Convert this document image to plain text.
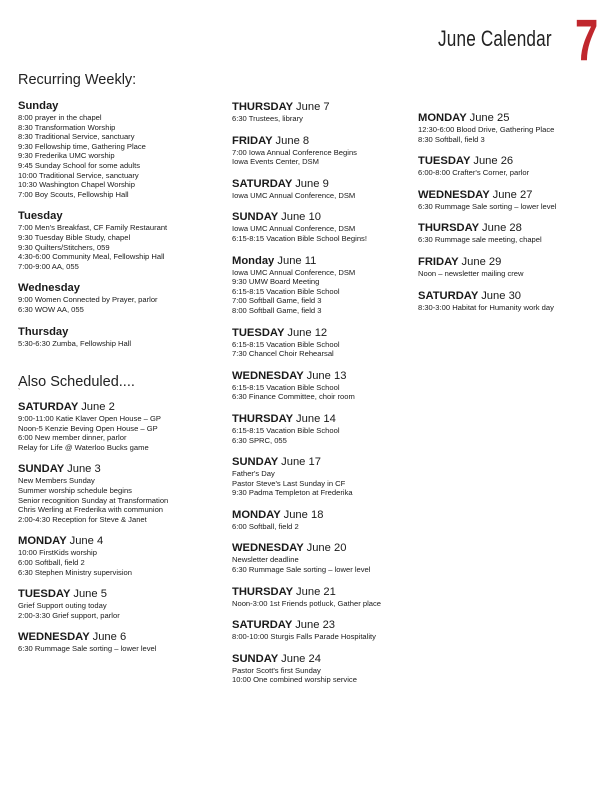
June Calendar 7
Recurring Weekly:
Sunday
8:00 prayer in the chapel
8:30 Transformation Worship
8:30 Traditional Service, sanctuary
9:30 Fellowship time, Gathering Place
9:30 Frederika UMC worship
9:45 Sunday School for some adults
10:00 Traditional Service, sanctuary
10:30 Washington Chapel Worship
7:00 Boy Scouts, Fellowship Hall
Tuesday
7:00 Men's Breakfast, CF Family Restaurant
9:30 Tuesday Bible Study, chapel
9:30 Quilters/Stitchers, 059
4:30-6:00 Community Meal, Fellowship Hall
7:00-9:00 AA, 055
Wednesday
9:00 Women Connected by Prayer, parlor
6:30 WOW AA, 055
Thursday
5:30-6:30 Zumba, Fellowship Hall
Also Scheduled....
`
SATURDAY June 2
9:00-11:00 Katie Klaver Open House – GP
Noon-5 Kenzie Beving Open House – GP
6:00 New member dinner, parlor
Relay for Life @ Waterloo Bucks game
SUNDAY June 3
New Members Sunday
Summer worship schedule begins
Senior recognition Sunday at Transformation
Chris Werling at Frederika with communion
2:00-4:30 Reception for Steve & Janet
MONDAY June 4
10:00 FirstKids worship
6:00 Softball, field 2
6:30 Stephen Ministry supervision
TUESDAY June 5
Grief Support outing today
2:00-3:30 Grief support, parlor
WEDNESDAY June 6
6:30 Rummage Sale sorting – lower level
THURSDAY June 7
6:30 Trustees, library
FRIDAY June 8
7:00 Iowa Annual Conference Begins
Iowa Events Center, DSM
SATURDAY June 9
Iowa UMC Annual Conference, DSM
SUNDAY June 10
Iowa UMC Annual Conference, DSM
6:15-8:15 Vacation Bible School Begins!
Monday June 11
Iowa UMC Annual Conference, DSM
9:30 UMW Board Meeting
6:15-8:15 Vacation Bible School
7:00 Softball Game, field 3
8:00 Softball Game, field 3
TUESDAY June 12
6:15-8:15 Vacation Bible School
7:30 Chancel Choir Rehearsal
WEDNESDAY June 13
6:15-8:15 Vacation Bible School
6:30 Finance Committee, choir room
THURSDAY June 14
6:15-8:15 Vacation Bible School
6:30 SPRC, 055
SUNDAY June 17
Father's Day
Pastor Steve's Last Sunday in CF
9:30 Padma Templeton at Frederika
MONDAY June 18
6:00 Softball, field 2
WEDNESDAY June 20
Newsletter deadline
6:30 Rummage Sale sorting – lower level
THURSDAY June 21
Noon-3:00 1st Friends potluck, Gather place
SATURDAY June 23
8:00-10:00 Sturgis Falls Parade Hospitality
SUNDAY June 24
Pastor Scott's first Sunday
10:00 One combined worship service
MONDAY June 25
12:30-6:00 Blood Drive, Gathering Place
8:30 Softball, field 3
TUESDAY June 26
6:00-8:00 Crafter's Corner, parlor
WEDNESDAY June 27
6:30 Rummage Sale sorting – lower level
THURSDAY June 28
6:30 Rummage sale meeting, chapel
FRIDAY June 29
Noon – newsletter mailing crew
SATURDAY June 30
8:30-3:00 Habitat for Humanity work day
